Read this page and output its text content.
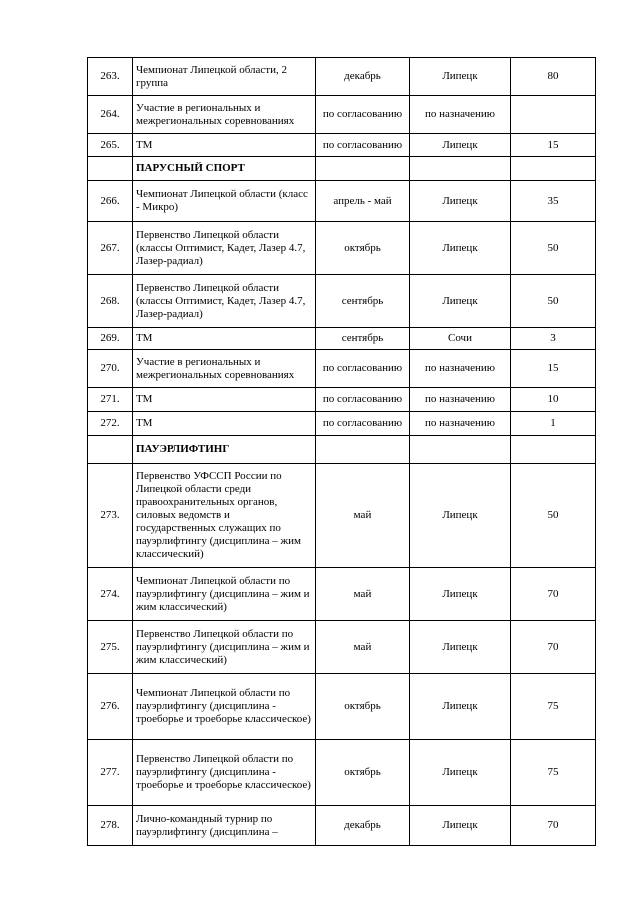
263.	Чемпионат Липецкой области, 2 группа	декабрь	Липецк	80
264.	Участие в региональных и межрегиональных соревнованиях	по согласованию	по назначению	
265.	ТМ	по согласованию	Липецк	15
	ПАРУСНЫЙ СПОРТ			
266.	Чемпионат Липецкой области (класс - Микро)	апрель - май	Липецк	35
267.	Первенство Липецкой области (классы Оптимист, Кадет, Лазер 4.7, Лазер-радиал)	октябрь	Липецк	50
268.	Первенство Липецкой области (классы Оптимист, Кадет, Лазер 4.7, Лазер-радиал)	сентябрь	Липецк	50
269.	ТМ	сентябрь	Сочи	3
270.	Участие в региональных и межрегиональных соревнованиях	по согласованию	по назначению	15
271.	ТМ	по согласованию	по назначению	10
272.	ТМ	по согласованию	по назначению	1
	ПАУЭРЛИФТИНГ			
273.	Первенство УФССП России по Липецкой области среди правоохранительных органов, силовых ведомств и государственных служащих по пауэрлифтингу (дисциплина – жим классический)	май	Липецк	50
274.	Чемпионат Липецкой области по пауэрлифтингу (дисциплина – жим и жим классический)	май	Липецк	70
275.	Первенство Липецкой области по пауэрлифтингу (дисциплина – жим и жим классический)	май	Липецк	70
276.	Чемпионат Липецкой области по пауэрлифтингу (дисциплина - троеборье и троеборье классическое)	октябрь	Липецк	75
277.	Первенство Липецкой области по пауэрлифтингу (дисциплина - троеборье и троеборье классическое)	октябрь	Липецк	75
278.	Лично-командный турнир по пауэрлифтингу (дисциплина –	декабрь	Липецк	70
